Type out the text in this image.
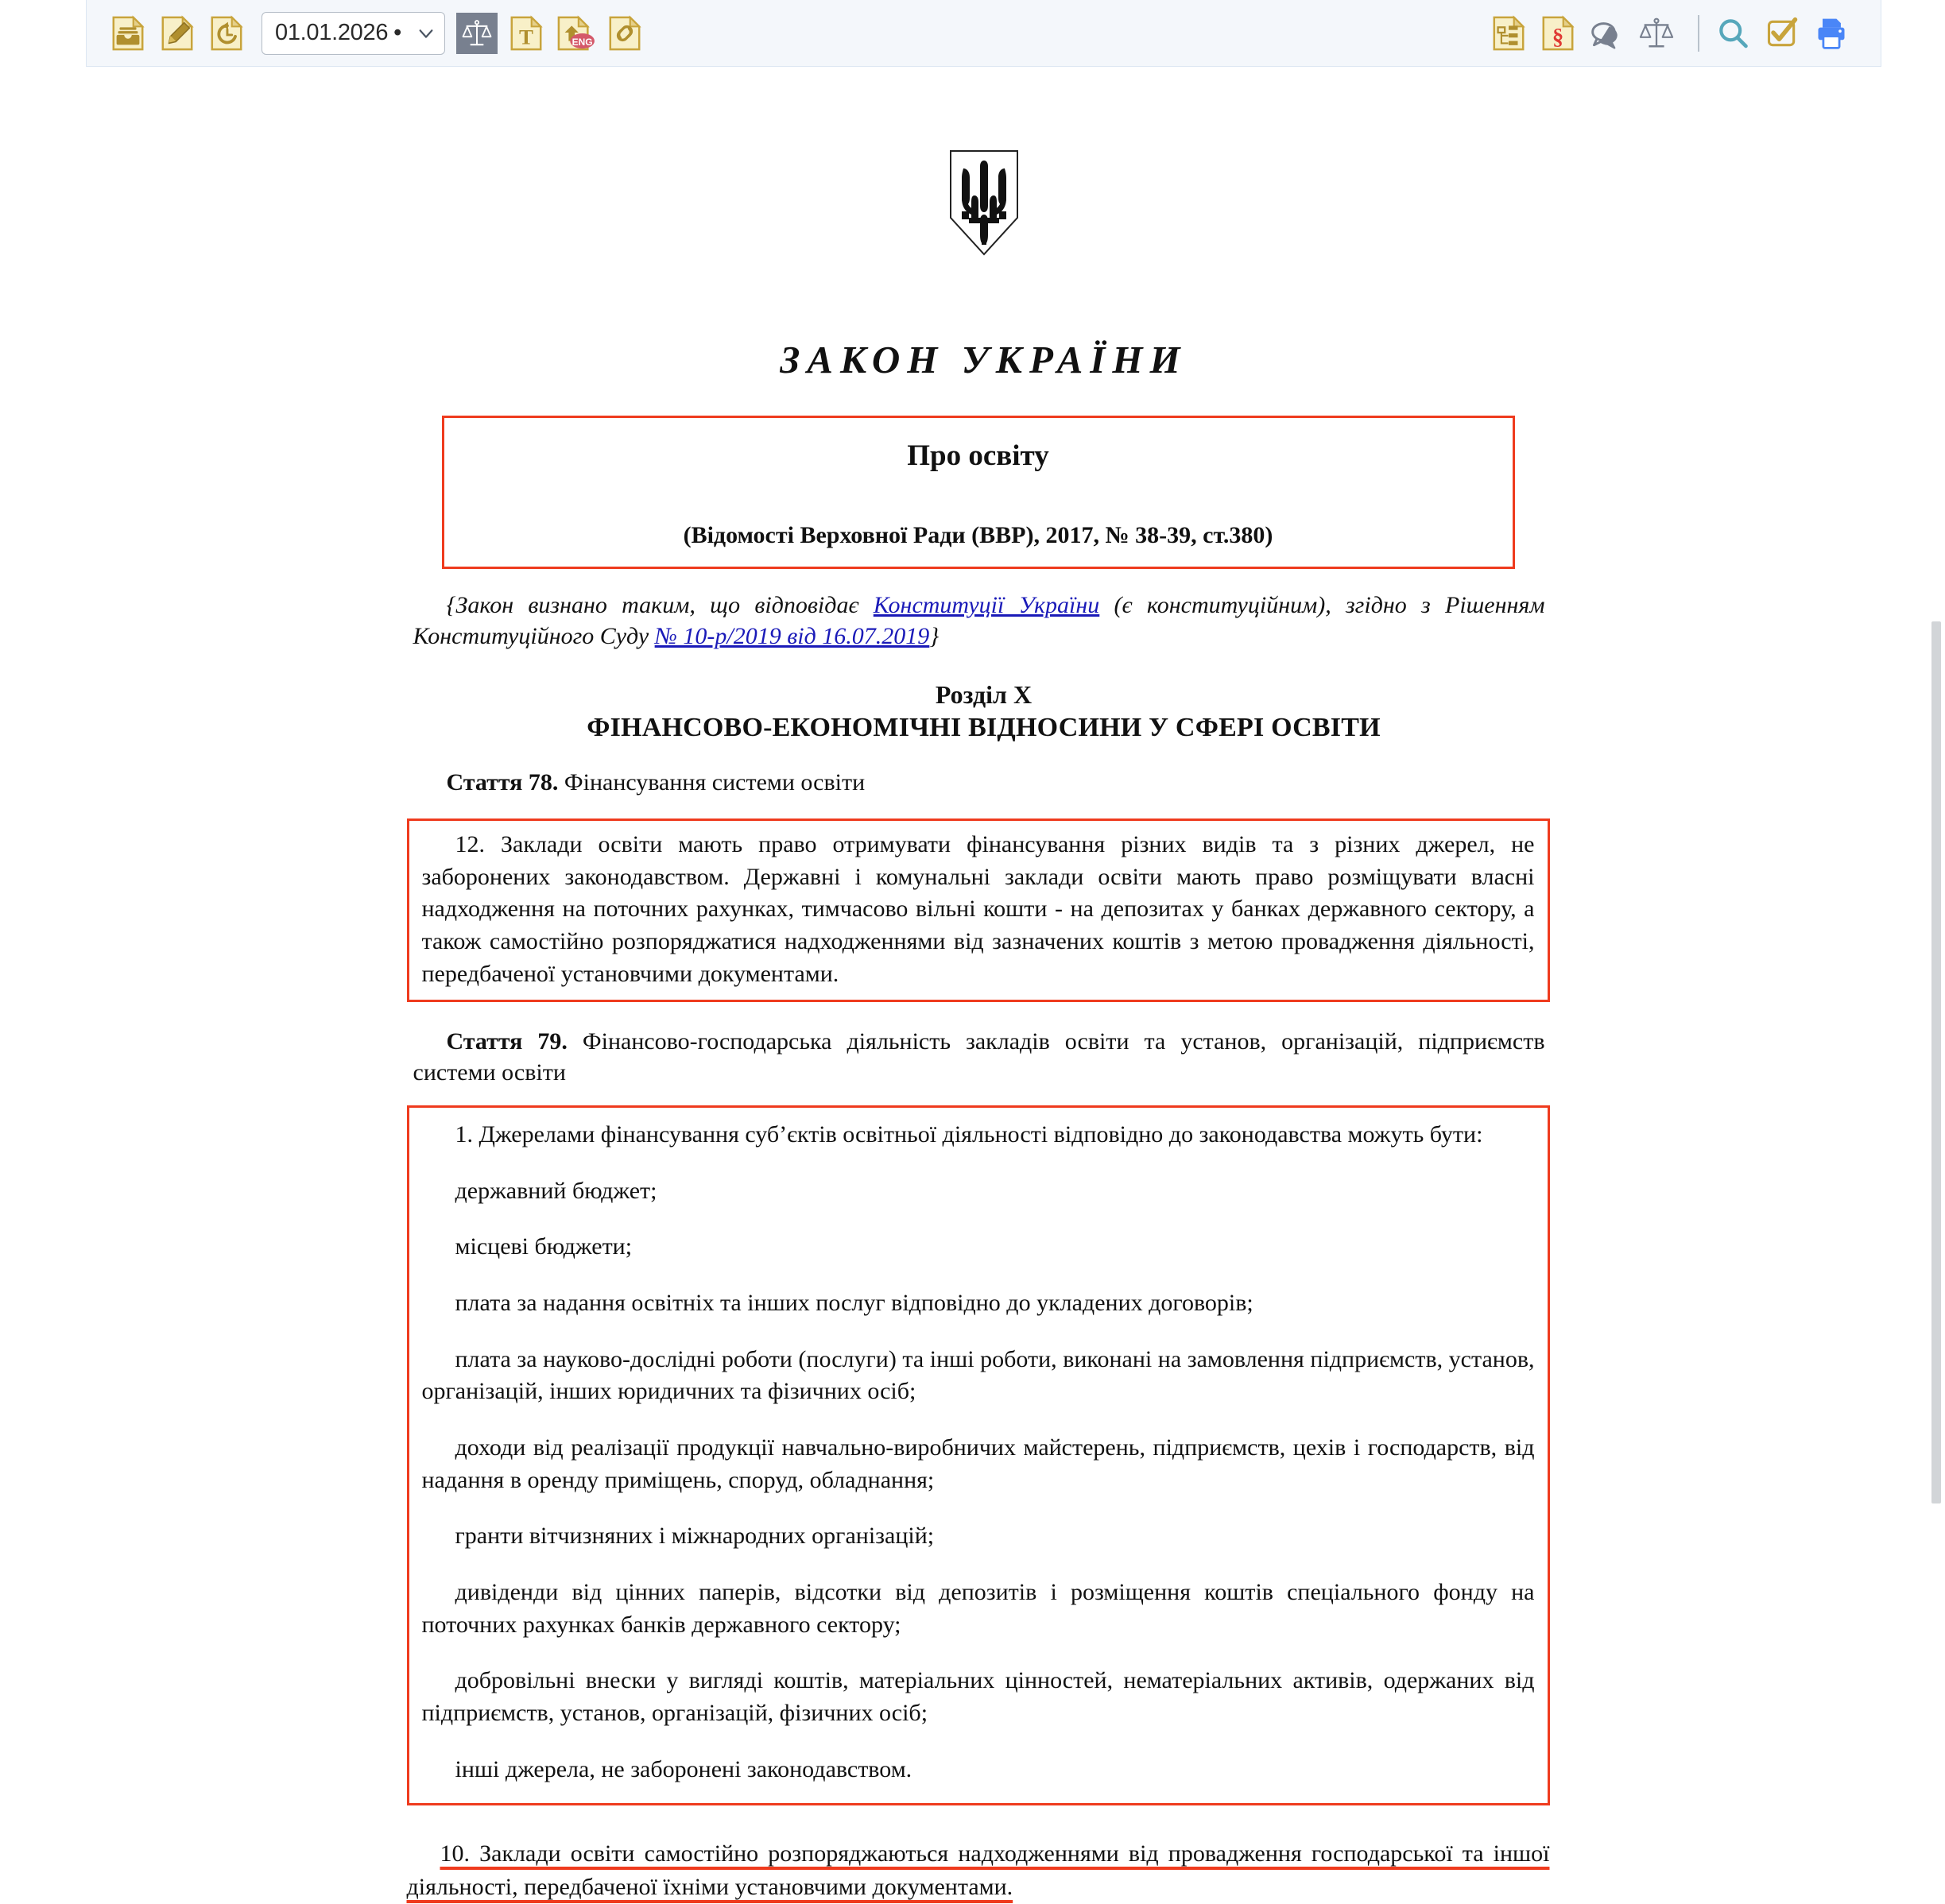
01.01.2026 •	T	ENG	§
ЗАКОН УКРАЇНИ
Про освіту
(Відомості Верховної Ради (ВВР), 2017, № 38-39, ст.380)
{Закон визнано таким, що відповідає Конституції України (є конституційним), згідно з Рішенням Конституційного Суду № 10-р/2019 від 16.07.2019}
Розділ X
ФІНАНСОВО-ЕКОНОМІЧНІ ВІДНОСИНИ У СФЕРІ ОСВІТИ
Стаття 78. Фінансування системи освіти

12. Заклади освіти мають право отримувати фінансування різних видів та з різних джерел, не заборонених законодавством. Державні і комунальні заклади освіти мають право розміщувати власні надходження на поточних рахунках, тимчасово вільні кошти - на депозитах у банках державного сектору, а також самостійно розпоряджатися надходженнями від зазначених коштів з метою провадження діяльності, передбаченої установчими документами.

Стаття 79. Фінансово-господарська діяльність закладів освіти та установ, організацій, підприємств системи освіти

1. Джерелами фінансування суб’єктів освітньої діяльності відповідно до законодавства можуть бути:

державний бюджет;

місцеві бюджети;

плата за надання освітніх та інших послуг відповідно до укладених договорів;

плата за науково-дослідні роботи (послуги) та інші роботи, виконані на замовлення підприємств, установ, організацій, інших юридичних та фізичних осіб;

доходи від реалізації продукції навчально-виробничих майстерень, підприємств, цехів і господарств, від надання в оренду приміщень, споруд, обладнання;

гранти вітчизняних і міжнародних організацій;

дивіденди від цінних паперів, відсотки від депозитів і розміщення коштів спеціального фонду на поточних рахунках банків державного сектору;

добровільні внески у вигляді коштів, матеріальних цінностей, нематеріальних активів, одержаних від підприємств, установ, організацій, фізичних осіб;

інші джерела, не заборонені законодавством.

10. Заклади освіти самостійно розпоряджаються надходженнями від провадження господарської та іншої діяльності, передбаченої їхніми установчими документами.
